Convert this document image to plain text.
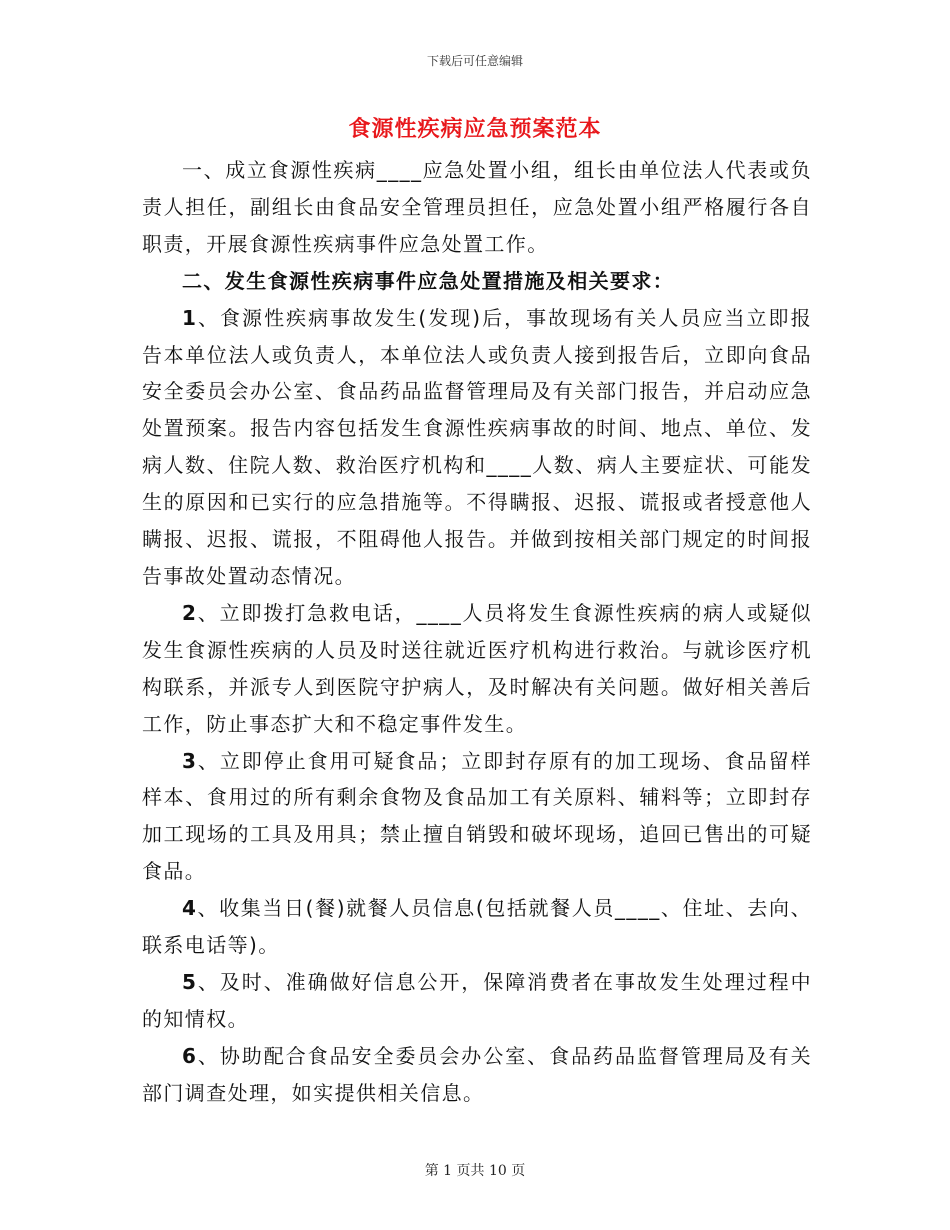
下载后可任意编辑
食源性疾病应急预案范本

一、成立食源性疾病____应急处置小组，组长由单位法人代表或负责人担任，副组长由食品安全管理员担任，应急处置小组严格履行各自职责，开展食源性疾病事件应急处置工作。

二、发生食源性疾病事件应急处置措施及相关要求：

1、食源性疾病事故发生(发现)后，事故现场有关人员应当立即报告本单位法人或负责人，本单位法人或负责人接到报告后，立即向食品安全委员会办公室、食品药品监督管理局及有关部门报告，并启动应急处置预案。报告内容包括发生食源性疾病事故的时间、地点、单位、发病人数、住院人数、救治医疗机构和____人数、病人主要症状、可能发生的原因和已实行的应急措施等。不得瞒报、迟报、谎报或者授意他人瞒报、迟报、谎报，不阻碍他人报告。并做到按相关部门规定的时间报告事故处置动态情况。

2、立即拨打急救电话，____人员将发生食源性疾病的病人或疑似发生食源性疾病的人员及时送往就近医疗机构进行救治。与就诊医疗机构联系，并派专人到医院守护病人，及时解决有关问题。做好相关善后工作，防止事态扩大和不稳定事件发生。

3、立即停止食用可疑食品；立即封存原有的加工现场、食品留样样本、食用过的所有剩余食物及食品加工有关原料、辅料等；立即封存加工现场的工具及用具；禁止擅自销毁和破坏现场，追回已售出的可疑食品。

4、收集当日(餐)就餐人员信息(包括就餐人员____、住址、去向、联系电话等)。

5、及时、准确做好信息公开，保障消费者在事故发生处理过程中的知情权。

6、协助配合食品安全委员会办公室、食品药品监督管理局及有关部门调查处理，如实提供相关信息。

第 1 页共 10 页
